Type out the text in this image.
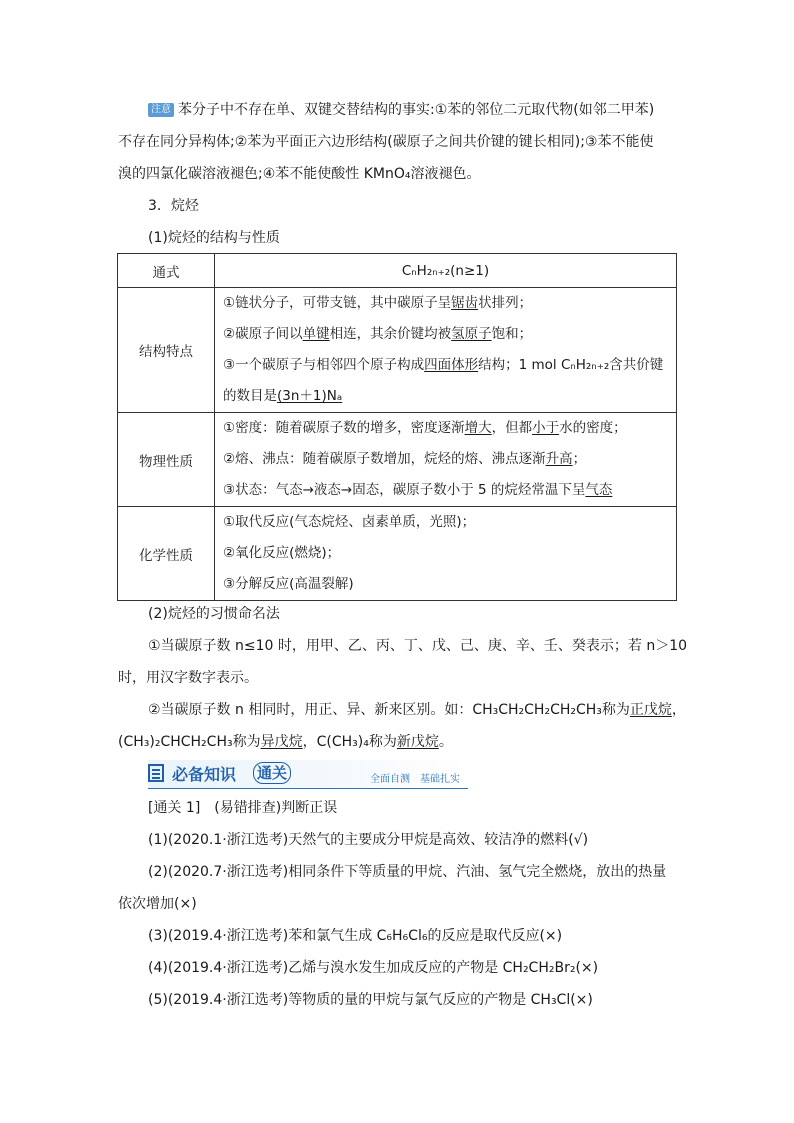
注意 苯分子中不存在单、双键交替结构的事实:①苯的邻位二元取代物(如邻二甲苯)
不存在同分异构体;②苯为平面正六边形结构(碳原子之间共价键的键长相同);③苯不能使
溴的四氯化碳溶液褪色;④苯不能使酸性 KMnO₄溶液褪色。
3．烷烃
(1)烷烃的结构与性质
通式	CₙH₂ₙ₊₂(n≥1)
结构特点	①链状分子，可带支链，其中碳原子呈锯齿状排列；
②碳原子间以单键相连，其余价键均被氢原子饱和；
③一个碳原子与相邻四个原子构成四面体形结构；1 mol CₙH₂ₙ₊₂含共价键
的数目是(3n＋1)Nₐ

物理性质	①密度：随着碳原子数的增多，密度逐渐增大，但都小于水的密度；
②熔、沸点：随着碳原子数增加，烷烃的熔、沸点逐渐升高；
③状态：气态→液态→固态，碳原子数小于 5 的烷烃常温下呈气态

化学性质	①取代反应(气态烷烃、卤素单质，光照)；
②氧化反应(燃烧)；
③分解反应(高温裂解)
(2)烷烃的习惯命名法
①当碳原子数 n≤10 时，用甲、乙、丙、丁、戊、己、庚、辛、壬、癸表示；若 n＞10
时，用汉字数字表示。
②当碳原子数 n 相同时，用正、异、新来区别。如：CH₃CH₂CH₂CH₂CH₃称为正戊烷，
(CH₃)₂CHCH₂CH₃称为异戊烷，C(CH₃)₄称为新戊烷。
必备知识 通关	全面自测　基础扎实
[通关 1]　(易错排查)判断正误
(1)(2020.1·浙江选考)天然气的主要成分甲烷是高效、较洁净的燃料(√)
(2)(2020.7·浙江选考)相同条件下等质量的甲烷、汽油、氢气完全燃烧，放出的热量
依次增加(×)
(3)(2019.4·浙江选考)苯和氯气生成 C₆H₆Cl₆的反应是取代反应(×)
(4)(2019.4·浙江选考)乙烯与溴水发生加成反应的产物是 CH₂CH₂Br₂(×)
(5)(2019.4·浙江选考)等物质的量的甲烷与氯气反应的产物是 CH₃Cl(×)
